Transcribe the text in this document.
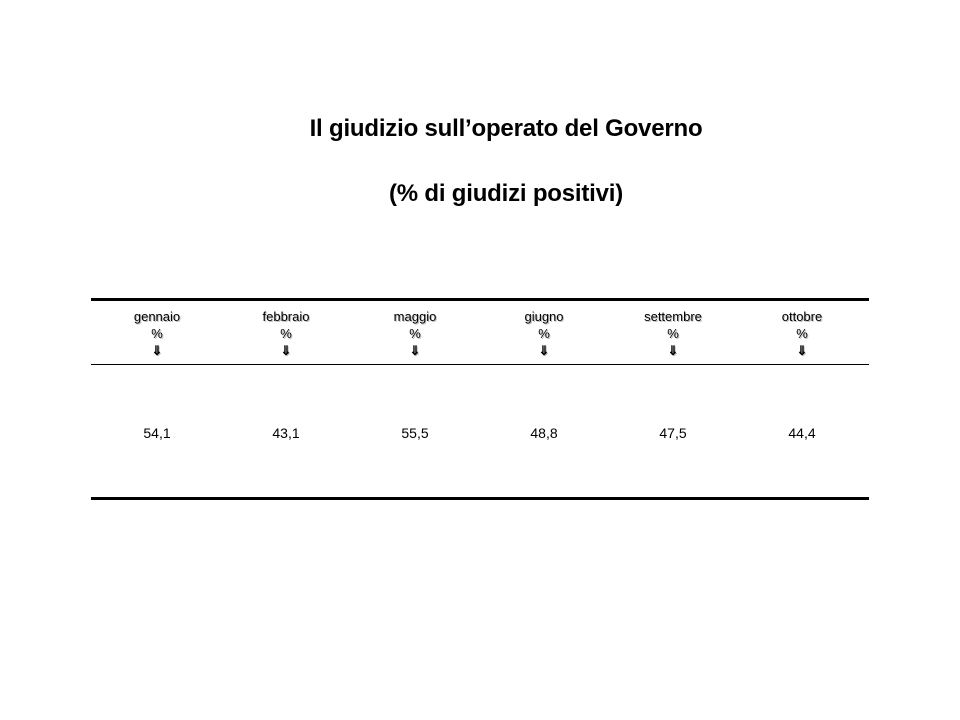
Il giudizio sull’operato del Governo
(% di giudizi positivi)
gennaio
%
⇓
54,1
febbraio
%
⇓
43,1
maggio
%
⇓
55,5
giugno
%
⇓
48,8
settembre
%
⇓
47,5
ottobre
%
⇓
44,4
